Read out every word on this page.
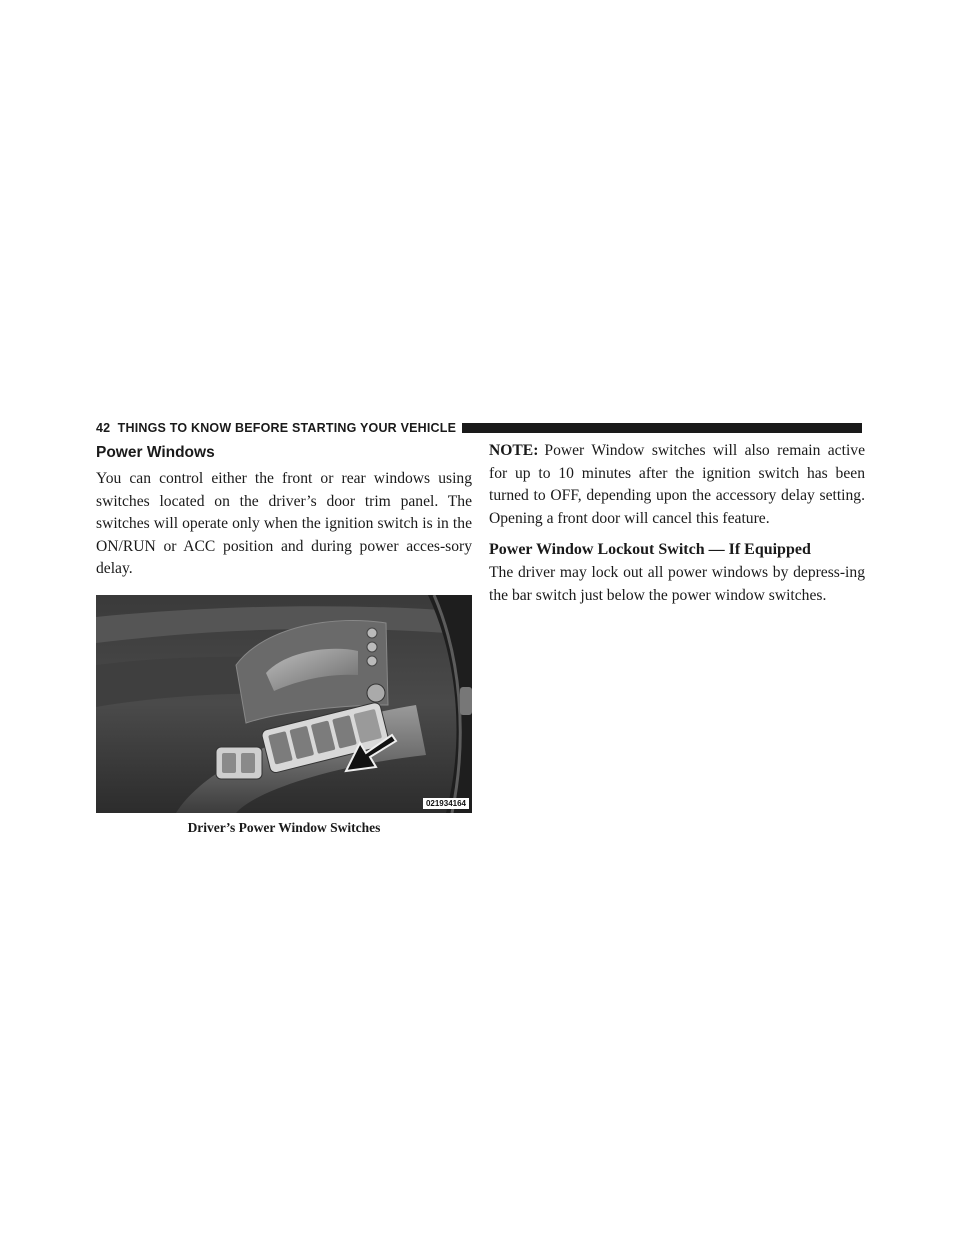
42 THINGS TO KNOW BEFORE STARTING YOUR VEHICLE
Power Windows

You can control either the front or rear windows using switches located on the driver’s door trim panel. The switches will operate only when the ignition switch is in the ON/RUN or ACC position and during power acces-sory delay.

021934164
Driver’s Power Window Switches

NOTE: Power Window switches will also remain active for up to 10 minutes after the ignition switch has been turned to OFF, depending upon the accessory delay setting. Opening a front door will cancel this feature.

Power Window Lockout Switch — If Equipped

The driver may lock out all power windows by depress-ing the bar switch just below the power window switches.
